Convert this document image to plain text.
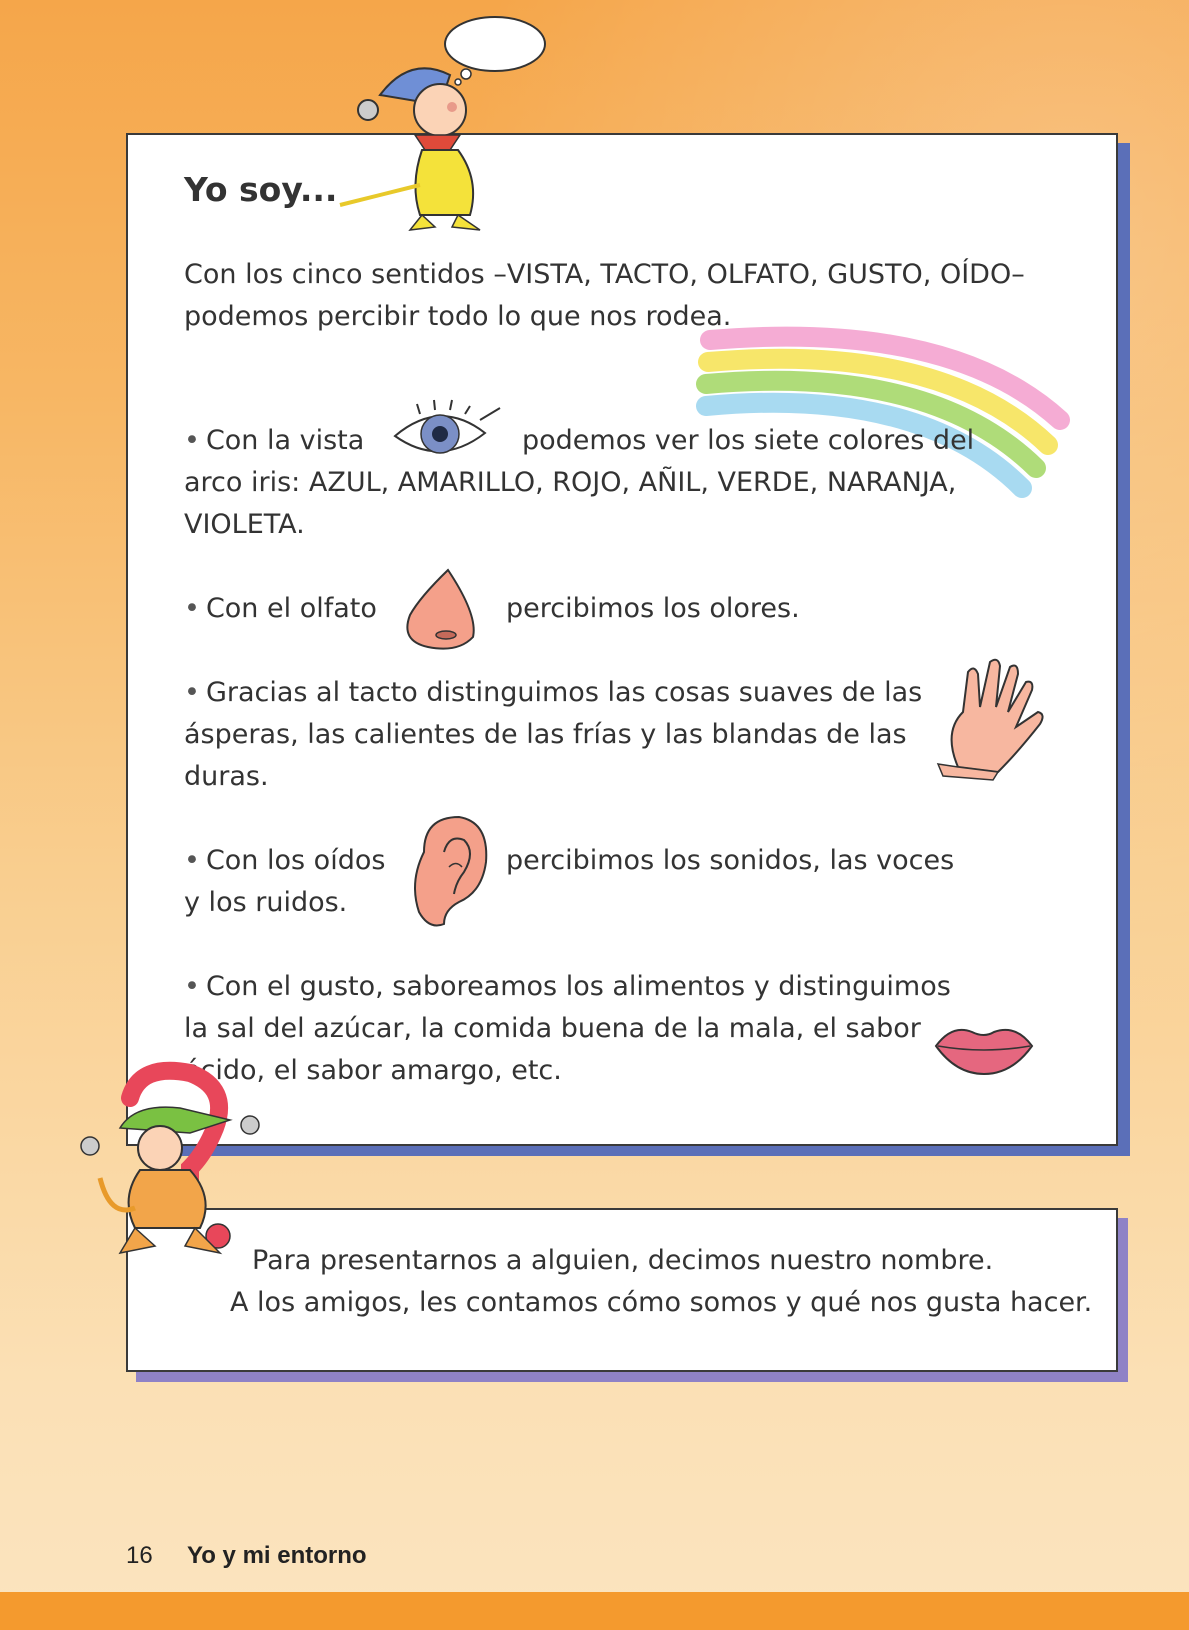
Yo soy...
Con los cinco sentidos –VISTA, TACTO, OLFATO, GUSTO, OÍDO–
podemos percibir todo lo que nos rodea.
• Con la vista	podemos ver los siete colores del
arco iris: AZUL, AMARILLO, ROJO, AÑIL, VERDE, NARANJA,
VIOLETA.
• Con el olfato	percibimos los olores.
• Gracias al tacto distinguimos las cosas suaves de las
ásperas, las calientes de las frías y las blandas de las
duras.
• Con los oídos	percibimos los sonidos, las voces
y los ruidos.
• Con el gusto, saboreamos los alimentos y distinguimos
la sal del azúcar, la comida buena de la mala, el sabor
ácido, el sabor amargo, etc.
Para presentarnos a alguien, decimos nuestro nombre.
A los amigos, les contamos cómo somos y qué nos gusta hacer.
16 Yo y mi entorno
